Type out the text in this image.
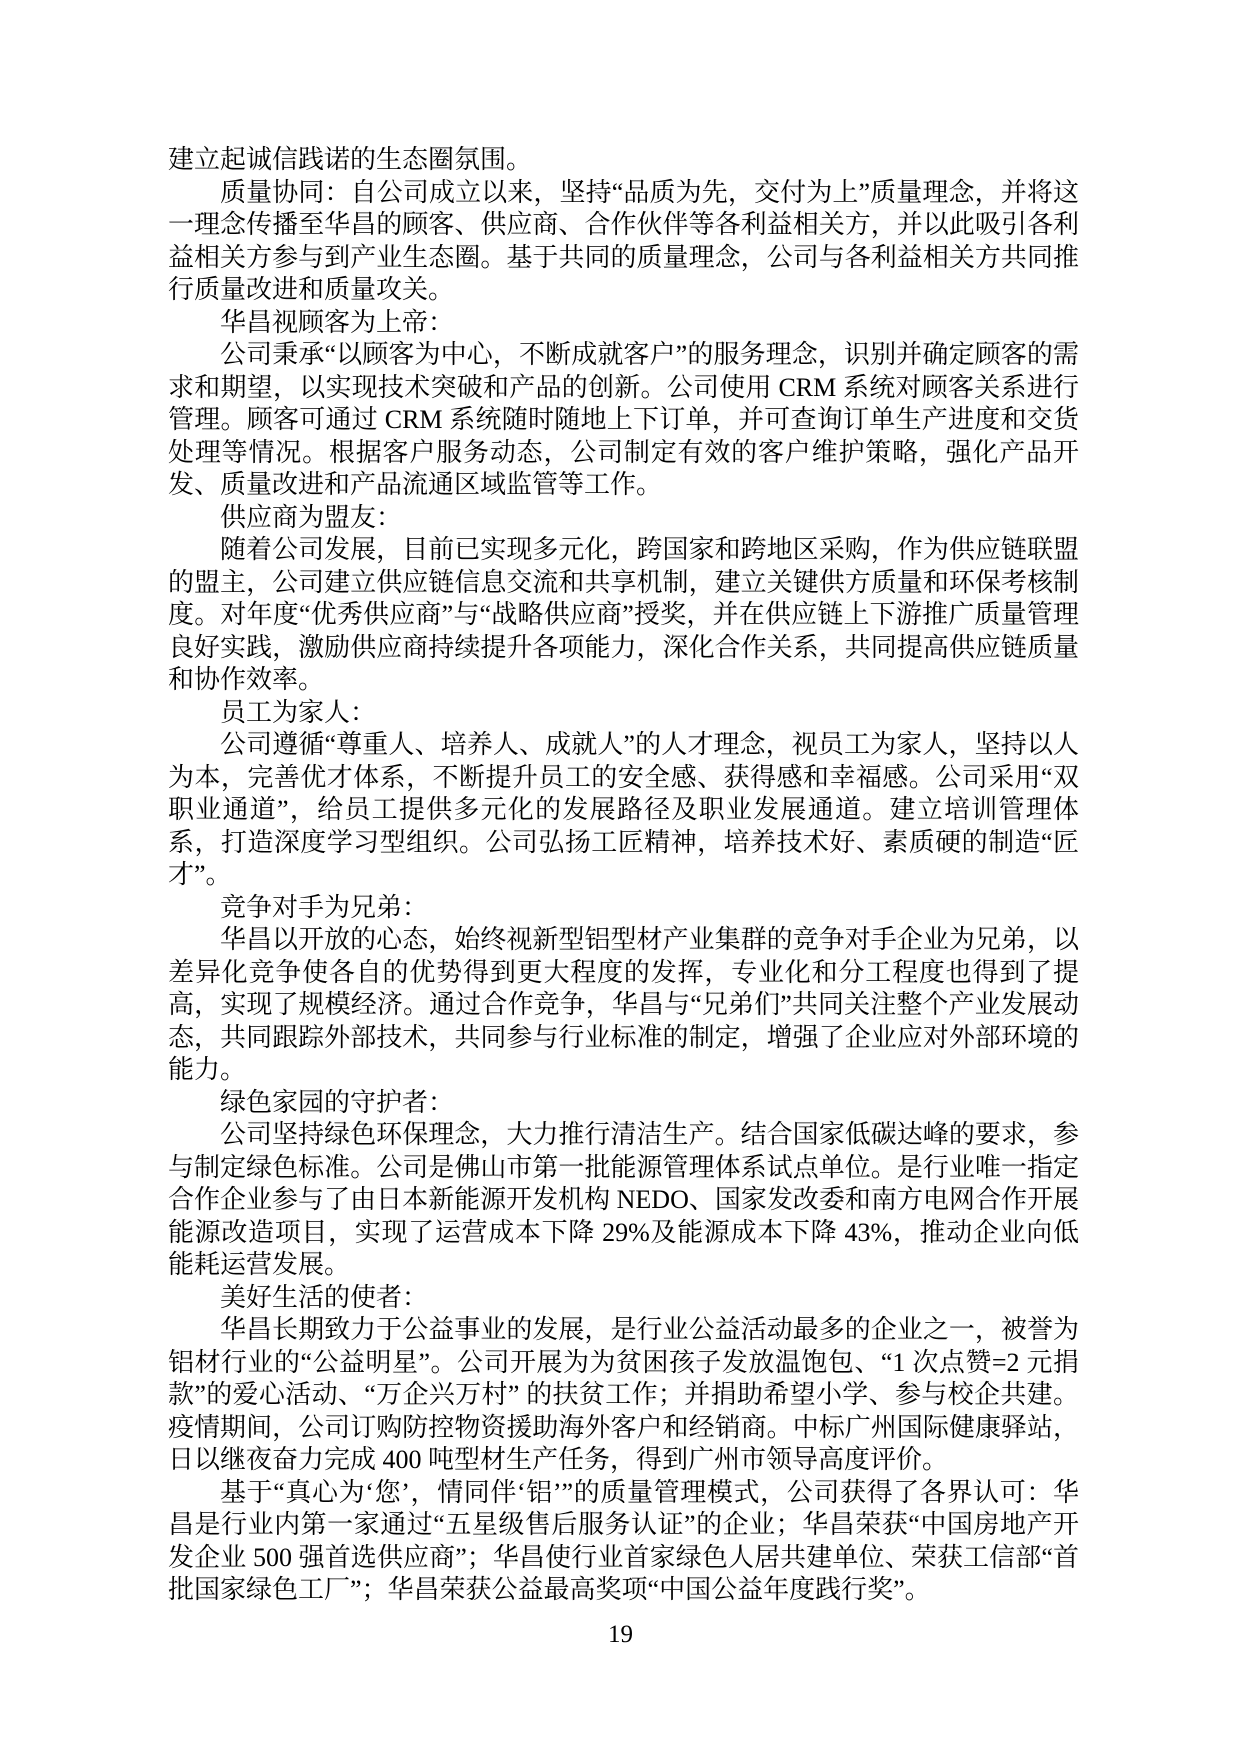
建立起诚信践诺的生态圈氛围。

质量协同：自公司成立以来，坚持“品质为先，交付为上”质量理念，并将这一理念传播至华昌的顾客、供应商、合作伙伴等各利益相关方，并以此吸引各利益相关方参与到产业生态圈。基于共同的质量理念，公司与各利益相关方共同推行质量改进和质量攻关。

华昌视顾客为上帝：

公司秉承“以顾客为中心，不断成就客户”的服务理念，识别并确定顾客的需求和期望，以实现技术突破和产品的创新。公司使用 CRM 系统对顾客关系进行管理。顾客可通过 CRM 系统随时随地上下订单，并可查询订单生产进度和交货处理等情况。根据客户服务动态，公司制定有效的客户维护策略，强化产品开发、质量改进和产品流通区域监管等工作。

供应商为盟友：

随着公司发展，目前已实现多元化，跨国家和跨地区采购，作为供应链联盟的盟主，公司建立供应链信息交流和共享机制，建立关键供方质量和环保考核制度。对年度“优秀供应商”与“战略供应商”授奖，并在供应链上下游推广质量管理良好实践，激励供应商持续提升各项能力，深化合作关系，共同提高供应链质量和协作效率。

员工为家人：

公司遵循“尊重人、培养人、成就人”的人才理念，视员工为家人，坚持以人为本，完善优才体系，不断提升员工的安全感、获得感和幸福感。公司采用“双职业通道”，给员工提供多元化的发展路径及职业发展通道。建立培训管理体系，打造深度学习型组织。公司弘扬工匠精神，培养技术好、素质硬的制造“匠才”。

竞争对手为兄弟：

华昌以开放的心态，始终视新型铝型材产业集群的竞争对手企业为兄弟，以差异化竞争使各自的优势得到更大程度的发挥，专业化和分工程度也得到了提高，实现了规模经济。通过合作竞争，华昌与“兄弟们”共同关注整个产业发展动态，共同跟踪外部技术，共同参与行业标准的制定，增强了企业应对外部环境的能力。

绿色家园的守护者：

公司坚持绿色环保理念，大力推行清洁生产。结合国家低碳达峰的要求，参与制定绿色标准。公司是佛山市第一批能源管理体系试点单位。是行业唯一指定合作企业参与了由日本新能源开发机构 NEDO、国家发改委和南方电网合作开展能源改造项目，实现了运营成本下降 29%及能源成本下降 43%，推动企业向低能耗运营发展。

美好生活的使者：

华昌长期致力于公益事业的发展，是行业公益活动最多的企业之一，被誉为铝材行业的“公益明星”。公司开展为为贫困孩子发放温饱包、“1 次点赞=2 元捐款”的爱心活动、“万企兴万村” 的扶贫工作；并捐助希望小学、参与校企共建。疫情期间，公司订购防控物资援助海外客户和经销商。中标广州国际健康驿站，日以继夜奋力完成 400 吨型材生产任务，得到广州市领导高度评价。

基于“真心为‘您’，情同伴‘铝’”的质量管理模式，公司获得了各界认可：华昌是行业内第一家通过“五星级售后服务认证”的企业；华昌荣获“中国房地产开发企业 500 强首选供应商”；华昌使行业首家绿色人居共建单位、荣获工信部“首批国家绿色工厂”；华昌荣获公益最高奖项“中国公益年度践行奖”。

19
